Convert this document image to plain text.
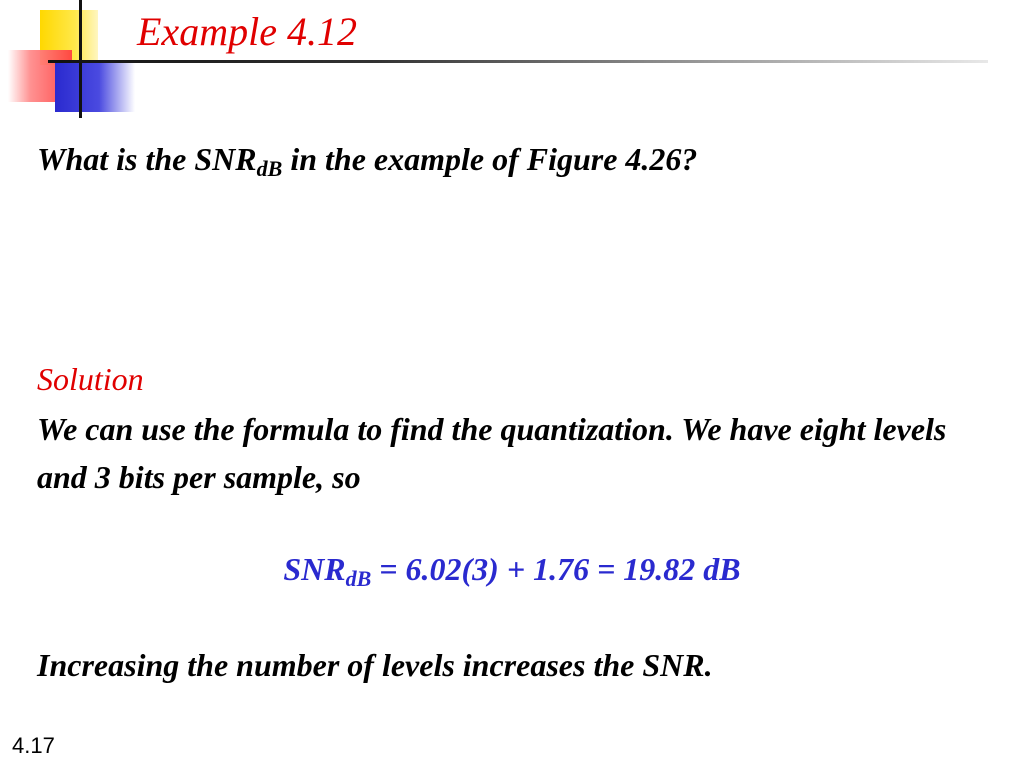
Example 4.12

What is the $SNR_{dB}$ in the example of Figure 4.26?

Solution

We can use the formula to find the quantization. We have eight levels and 3 bits per sample, so

$SNR_{dB} = 6.02(3) + 1.76 = 19.82$ dB

Increasing the number of levels increases the SNR.

4.17
